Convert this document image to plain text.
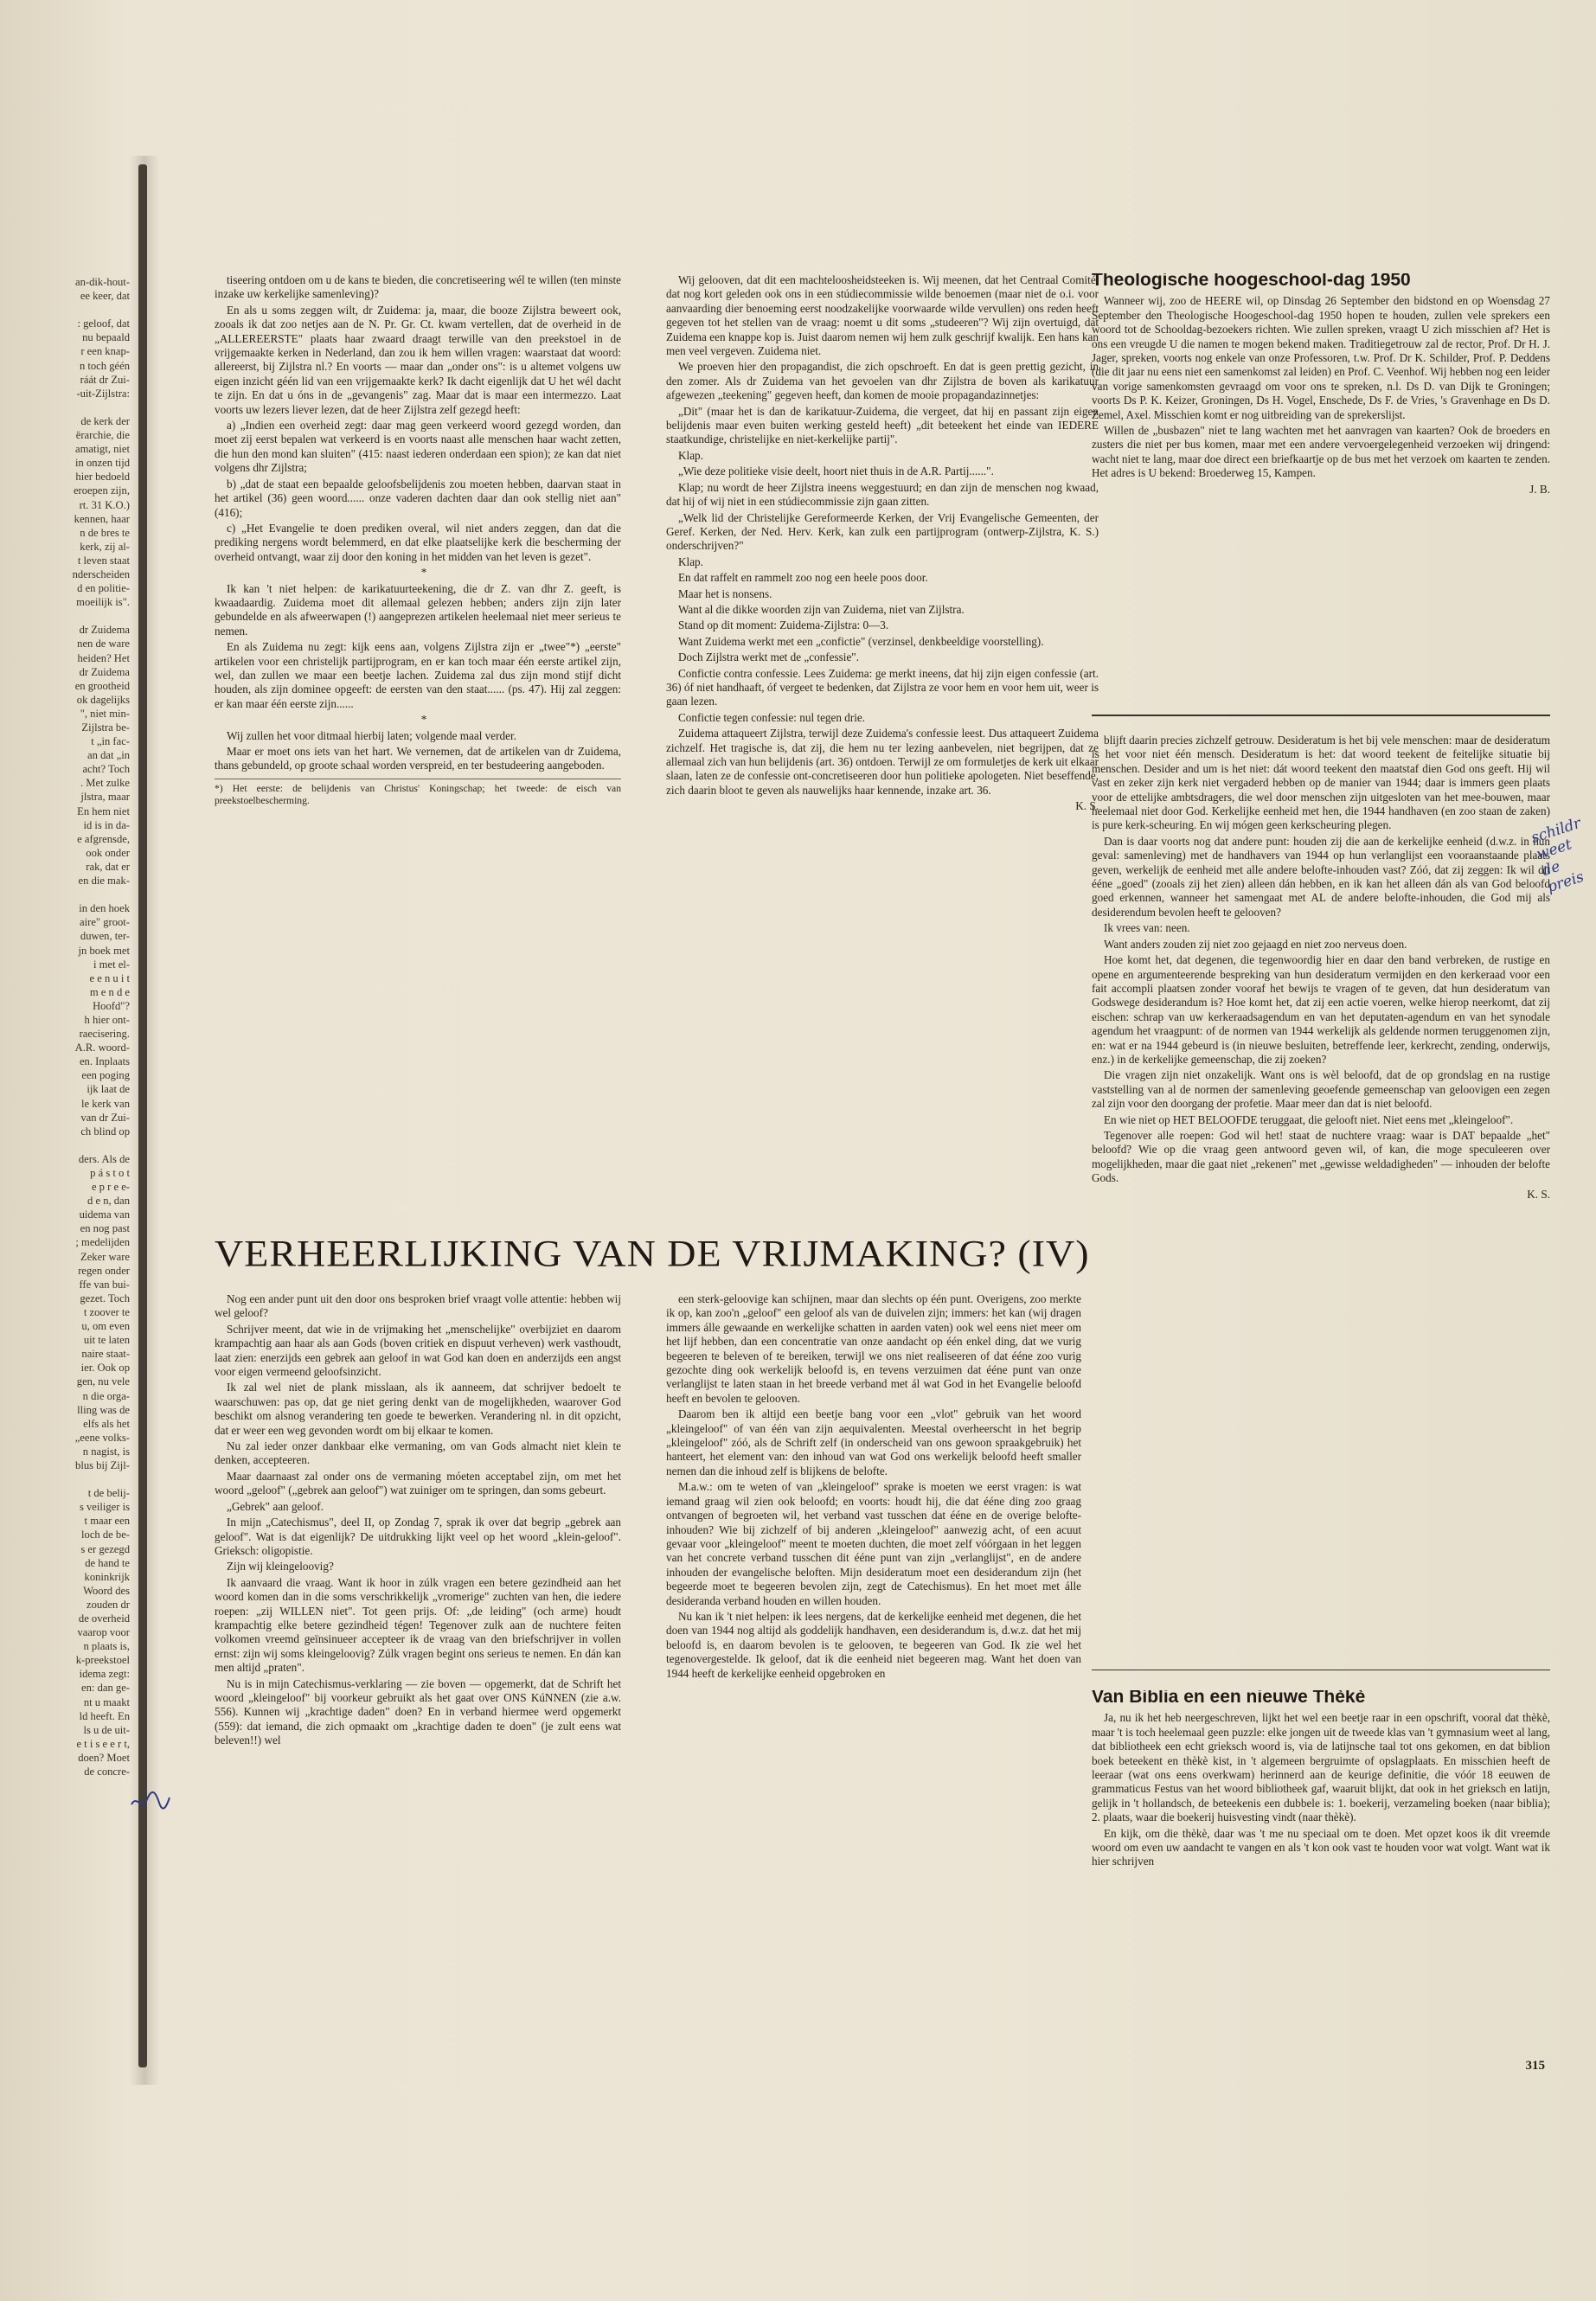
an-dik-hout-
ee keer, dat

: geloof, dat
nu bepaald
r een knap-
n toch géén
ráát dr Zui-
-uit-Zijlstra:

de kerk der
ërarchie, die
amatigt, niet
in onzen tijd
hier bedoeld
eroepen zijn,
rt. 31 K.O.)
kennen, haar
n de bres te
kerk, zij al-
t leven staat
nderscheiden
d en politie-
moeilijk is".

dr Zuidema
nen de ware
heiden? Het
dr Zuidema
en grootheid
ok dagelijks
", niet min-
Zijlstra be-
t „in fac-
an dat „in
acht? Toch
. Met zulke
jlstra, maar
En hem niet
id is in da-
e afgrensde,
ook onder
rak, dat er
en die mak-

in den hoek
aire" groot-
duwen, ter-
jn boek met
i met el-
e e n u i t
m e n d e
Hoofd"?
h hier ont-
raecisering.
A.R. woord-
en. Inplaats
een poging
ijk laat de
le kerk van
van dr Zui-
ch blind op

ders. Als de
p á s t o t
e p r e e-
d e n, dan
uidema van
en nog past
; medelijden
Zeker ware
regen onder
ffe van bui-
gezet. Toch
t zoover te
u, om even
uit te laten
naire staat-
ier. Ook op
gen, nu vele
n die orga-
lling was de
elfs als het
„eene volks-
n nagist, is
blus bij Zijl-

t de belij-
s veiliger is
t maar een
loch de be-
s er gezegd
de hand te
koninkrijk
Woord des
zouden dr
de overheid
vaarop voor
n plaats is,
k-preekstoel
idema zegt:
en: dan ge-
nt u maakt
ld heeft. En
ls u de uit-
e t i s e e r t,
doen? Moet
de concre-

tiseering ontdoen om u de kans te bieden, die concretiseering wél te willen (ten minste inzake uw kerkelijke samenleving)?

En als u soms zeggen wilt, dr Zuidema: ja, maar, die booze Zijlstra beweert ook, zooals ik dat zoo netjes aan de N. Pr. Gr. Ct. kwam vertellen, dat de overheid in de „ALLEREERSTE" plaats haar zwaard draagt terwille van den preekstoel in de vrijgemaakte kerken in Nederland, dan zou ik hem willen vragen: waarstaat dat woord: allereerst, bij Zijlstra nl.? En voorts — maar dan „onder ons": is u altemet volgens uw eigen inzicht géén lid van een vrijgemaakte kerk? Ik dacht eigenlijk dat U het wél dacht te zijn. En dat u óns in de „gevangenis" zag. Maar dat is maar een intermezzo. Laat voorts uw lezers liever lezen, dat de heer Zijlstra zelf gezegd heeft:

a) „Indien een overheid zegt: daar mag geen verkeerd woord gezegd worden, dan moet zij eerst bepalen wat verkeerd is en voorts naast alle menschen haar wacht zetten, die hun den mond kan sluiten" (415: naast iederen onderdaan een spion); ze kan dat niet volgens dhr Zijlstra;

b) „dat de staat een bepaalde geloofsbelijdenis zou moeten hebben, daarvan staat in het artikel (36) geen woord...... onze vaderen dachten daar dan ook stellig niet aan" (416);

c) „Het Evangelie te doen prediken overal, wil niet anders zeggen, dan dat die prediking nergens wordt belemmerd, en dat elke plaatselijke kerk die bescherming der overheid ontvangt, waar zij door den koning in het midden van het leven is gezet".

*

Ik kan 't niet helpen: de karikatuurteekening, die dr Z. van dhr Z. geeft, is kwaadaardig. Zuidema moet dit allemaal gelezen hebben; anders zijn zijn later gebundelde en als afweerwapen (!) aangeprezen artikelen heelemaal niet meer serieus te nemen.

En als Zuidema nu zegt: kijk eens aan, volgens Zijlstra zijn er „twee"*) „eerste" artikelen voor een christelijk partijprogram, en er kan toch maar één eerste artikel zijn, wel, dan zullen we maar een beetje lachen. Zuidema zal dus zijn mond stijf dicht houden, als zijn dominee opgeeft: de eersten van den staat...... (ps. 47). Hij zal zeggen: er kan maar één eerste zijn......

*

Wij zullen het voor ditmaal hierbij laten; volgende maal verder.

Maar er moet ons iets van het hart. We vernemen, dat de artikelen van dr Zuidema, thans gebundeld, op groote schaal worden verspreid, en ter bestudeering aangeboden.

*) Het eerste: de belijdenis van Christus' Koningschap; het tweede: de eisch van preekstoelbescherming.

Wij gelooven, dat dit een machteloosheidsteeken is. Wij meenen, dat het Centraal Comité, dat nog kort geleden ook ons in een stúdiecommissie wilde benoemen (maar niet de o.i. voor aanvaarding dier benoeming eerst noodzakelijke voorwaarde wilde vervullen) ons reden heeft gegeven tot het stellen van de vraag: noemt u dit soms „studeeren"? Wij zijn overtuigd, dat Zuidema een knappe kop is. Juist daarom nemen wij hem zulk geschrijf kwalijk. Een hans kan men veel vergeven. Zuidema niet.

We proeven hier den propagandist, die zich opschroeft. En dat is geen prettig gezicht, in den zomer. Als dr Zuidema van het gevoelen van dhr Zijlstra de boven als karikatuur afgewezen „teekening" gegeven heeft, dan komen de mooie propagandazinnetjes:

„Dit" (maar het is dan de karikatuur-Zuidema, die vergeet, dat hij en passant zijn eigen belijdenis maar even buiten werking gesteld heeft) „dit beteekent het einde van IEDERE staatkundige, christelijke en niet-kerkelijke partij".

Klap.

„Wie deze politieke visie deelt, hoort niet thuis in de A.R. Partij......".

Klap; nu wordt de heer Zijlstra ineens weggestuurd; en dan zijn de menschen nog kwaad, dat hij of wij niet in een stúdiecommissie zijn gaan zitten.

„Welk lid der Christelijke Gereformeerde Kerken, der Vrij Evangelische Gemeenten, der Geref. Kerken, der Ned. Herv. Kerk, kan zulk een partijprogram (ontwerp-Zijlstra, K. S.) onderschrijven?"

Klap.

En dat raffelt en rammelt zoo nog een heele poos door.

Maar het is nonsens.

Want al die dikke woorden zijn van Zuidema, niet van Zijlstra.

Stand op dit moment: Zuidema-Zijlstra: 0—3.

Want Zuidema werkt met een „confictie" (verzinsel, denkbeeldige voorstelling).

Doch Zijlstra werkt met de „confessie".

Confictie contra confessie. Lees Zuidema: ge merkt ineens, dat hij zijn eigen confessie (art. 36) óf niet handhaaft, óf vergeet te bedenken, dat Zijlstra ze voor hem en voor hem uit, weer is gaan lezen.

Confictie tegen confessie: nul tegen drie.

Zuidema attaqueert Zijlstra, terwijl deze Zuidema's confessie leest. Dus attaqueert Zuidema zichzelf. Het tragische is, dat zij, die hem nu ter lezing aanbevelen, niet begrijpen, dat ze allemaal zich van hun belijdenis (art. 36) ontdoen. Terwijl ze om formuletjes de kerk uit elkaar slaan, laten ze de confessie ont-concretiseeren door hun politieke apologeten. Niet beseffende, zich daarin bloot te geven als nauwelijks haar kennende, inzake art. 36.

K. S.
Theologische hoogeschool-dag 1950

Wanneer wij, zoo de HEERE wil, op Dinsdag 26 September den bidstond en op Woensdag 27 September den Theologische Hoogeschool-dag 1950 hopen te houden, zullen vele sprekers een woord tot de Schooldag-bezoekers richten. Wie zullen spreken, vraagt U zich misschien af? Het is ons een vreugde U die namen te mogen bekend maken. Traditiegetrouw zal de rector, Prof. Dr H. J. Jager, spreken, voorts nog enkele van onze Professoren, t.w. Prof. Dr K. Schilder, Prof. P. Deddens (die dit jaar nu eens niet een samenkomst zal leiden) en Prof. C. Veenhof. Wij hebben nog een leider van vorige samenkomsten gevraagd om voor ons te spreken, n.l. Ds D. van Dijk te Groningen; voorts Ds P. K. Keizer, Groningen, Ds H. Vogel, Enschede, Ds F. de Vries, 's Gravenhage en Ds D. Zemel, Axel. Misschien komt er nog uitbreiding van de sprekerslijst.

Willen de „busbazen" niet te lang wachten met het aanvragen van kaarten? Ook de broeders en zusters die niet per bus komen, maar met een andere vervoergelegenheid verzoeken wij dringend: wacht niet te lang, maar doe direct een briefkaartje op de bus met het verzoek om kaarten te zenden. Het adres is U bekend: Broederweg 15, Kampen.

J. B.

blijft daarin precies zichzelf getrouw. Desideratum is het bij vele menschen: maar de desideratum is het voor niet één mensch. Desideratum is het: dat woord teekent de feitelijke situatie bij menschen. Desider and um is het niet: dát woord teekent den maatstaf dien God ons geeft. Hij wil vast en zeker zijn kerk niet vergaderd hebben op de manier van 1944; daar is immers geen plaats voor de ettelijke ambtsdragers, die wel door menschen zijn uitgesloten van het mee-bouwen, maar heelemaal niet door God. Kerkelijke eenheid met hen, die 1944 handhaven (en zoo staan de zaken) is pure kerk-scheuring. En wij mógen geen kerkscheuring plegen.

Dan is daar voorts nog dat andere punt: houden zij die aan de kerkelijke eenheid (d.w.z. in hun geval: samenleving) met de handhavers van 1944 op hun verlanglijst een vooraanstaande plaats geven, werkelijk de eenheid met alle andere belofte-inhouden vast? Zóó, dat zij zeggen: Ik wil dit ééne „goed" (zooals zij het zien) alleen dán hebben, en ik kan het alleen dán als van God beloofd goed erkennen, wanneer het samengaat met AL de andere belofte-inhouden, die God mij als desiderendum bevolen heeft te gelooven?

Ik vrees van: neen.

Want anders zouden zij niet zoo gejaagd en niet zoo nerveus doen.

Hoe komt het, dat degenen, die tegenwoordig hier en daar den band verbreken, de rustige en opene en argumenteerende bespreking van hun desideratum vermijden en den kerkeraad voor een fait accompli plaatsen zonder vooraf het bewijs te vragen of te geven, dat hun desideratum van Godswege desiderandum is? Hoe komt het, dat zij een actie voeren, welke hierop neerkomt, dat zij eischen: schrap van uw kerkeraadsagendum en van het deputaten-agendum en van het synodale agendum het vraagpunt: of de normen van 1944 werkelijk als geldende normen teruggenomen zijn, en: wat er na 1944 gebeurd is (in nieuwe besluiten, betreffende leer, kerkrecht, zending, onderwijs, enz.) in de kerkelijke gemeenschap, die zij zoeken?

Die vragen zijn niet onzakelijk. Want ons is wèl beloofd, dat de op grondslag en na rustige vaststelling van al de normen der samenleving geoefende gemeenschap van geloovigen een zegen zal zijn voor den doorgang der profetie. Maar meer dan dat is niet beloofd.

En wie niet op HET BELOOFDE teruggaat, die gelooft niet. Niet eens met „kleingeloof".

Tegenover alle roepen: God wil het! staat de nuchtere vraag: waar is DAT bepaalde „het" beloofd? Wie op die vraag geen antwoord geven wil, of kan, die moge speculeeren over mogelijkheden, maar die gaat niet „rekenen" met „gewisse weldadigheden" — inhouden der belofte Gods.

K. S.
VERHEERLIJKING VAN DE VRIJMAKING? (IV)

Nog een ander punt uit den door ons besproken brief vraagt volle attentie: hebben wij wel geloof?

Schrijver meent, dat wie in de vrijmaking het „menschelijke" overbijziet en daarom krampachtig aan haar als aan Gods (boven critiek en dispuut verheven) werk vasthoudt, laat zien: enerzijds een gebrek aan geloof in wat God kan doen en anderzijds een angst voor eigen vermeend geloofsinzicht.

Ik zal wel niet de plank misslaan, als ik aanneem, dat schrijver bedoelt te waarschuwen: pas op, dat ge niet gering denkt van de mogelijkheden, waarover God beschikt om alsnog verandering ten goede te bewerken. Verandering nl. in dit opzicht, dat er weer een weg gevonden wordt om bij elkaar te komen.

Nu zal ieder onzer dankbaar elke vermaning, om van Gods almacht niet klein te denken, accepteeren.

Maar daarnaast zal onder ons de vermaning móeten acceptabel zijn, om met het woord „geloof" („gebrek aan geloof") wat zuiniger om te springen, dan soms gebeurt.

„Gebrek" aan geloof.

In mijn „Catechismus", deel II, op Zondag 7, sprak ik over dat begrip „gebrek aan geloof". Wat is dat eigenlijk? De uitdrukking lijkt veel op het woord „klein-geloof". Grieksch: oligopistie.

Zijn wij kleingeloovig?

Ik aanvaard die vraag. Want ik hoor in zúlk vragen een betere gezindheid aan het woord komen dan in die soms verschrikkelijk „vromerige" zuchten van hen, die iedere roepen: „zij WILLEN niet". Tot geen prijs. Of: „de leiding" (och arme) houdt krampachtig elke betere gezindheid tégen! Tegenover zulk aan de nuchtere feiten volkomen vreemd geïnsinueer accepteer ik de vraag van den briefschrijver in vollen ernst: zijn wij soms kleingeloovig? Zúlk vragen begint ons serieus te nemen. En dán kan men altijd „praten".

Nu is in mijn Catechismus-verklaring — zie boven — opgemerkt, dat de Schrift het woord „kleingeloof" bij voorkeur gebruikt als het gaat over ONS KúNNEN (zie a.w. 556). Kunnen wij „krachtige daden" doen? En in verband hiermee werd opgemerkt (559): dat iemand, die zich opmaakt om „krachtige daden te doen" (je zult eens wat beleven!!) wel

een sterk-geloovige kan schijnen, maar dan slechts op één punt. Overigens, zoo merkte ik op, kan zoo'n „geloof" een geloof als van de duivelen zijn; immers: het kan (wij dragen immers álle gewaande en werkelijke schatten in aarden vaten) ook wel eens niet meer om het lijf hebben, dan een concentratie van onze aandacht op één enkel ding, dat we vurig begeeren te beleven of te bereiken, terwijl we ons niet realiseeren of dat ééne zoo vurig gezochte ding ook werkelijk beloofd is, en tevens verzuimen dat ééne punt van onze verlanglijst te laten staan in het breede verband met ál wat God in het Evangelie beloofd heeft en bevolen te gelooven.

Daarom ben ik altijd een beetje bang voor een „vlot" gebruik van het woord „kleingeloof" of van één van zijn aequivalenten. Meestal overheerscht in het begrip „kleingeloof" zóó, als de Schrift zelf (in onderscheid van ons gewoon spraakgebruik) het hanteert, het element van: den inhoud van wat God ons werkelijk beloofd heeft smaller nemen dan die inhoud zelf is blijkens de belofte.

M.a.w.: om te weten of van „kleingeloof" sprake is moeten we eerst vragen: is wat iemand graag wil zien ook beloofd; en voorts: houdt hij, die dat ééne ding zoo graag ontvangen of begroeten wil, het verband vast tusschen dat ééne en de overige belofte-inhouden? Wie bij zichzelf of bij anderen „kleingeloof" aanwezig acht, of een acuut gevaar voor „kleingeloof" meent te moeten duchten, die moet zelf vóórgaan in het leggen van het concrete verband tusschen dit ééne punt van zijn „verlanglijst", en de andere inhouden der evangelische beloften. Mijn desideratum moet een desiderandum zijn (het begeerde moet te begeeren bevolen zijn, zegt de Catechismus). En het moet met álle desideranda verband houden en willen houden.

Nu kan ik 't niet helpen: ik lees nergens, dat de kerkelijke eenheid met degenen, die het doen van 1944 nog altijd als goddelijk handhaven, een desiderandum is, d.w.z. dat het mij beloofd is, en daarom bevolen is te gelooven, te begeeren van God. Ik zie wel het tegenovergestelde. Ik geloof, dat ik die eenheid niet begeeren mag. Want het doen van 1944 heeft de kerkelijke eenheid opgebroken en

Van Biblia en een nieuwe Thèkè

Ja, nu ik het heb neergeschreven, lijkt het wel een beetje raar in een opschrift, vooral dat thèkè, maar 't is toch heelemaal geen puzzle: elke jongen uit de tweede klas van 't gymnasium weet al lang, dat bibliotheek een echt grieksch woord is, via de latijnsche taal tot ons gekomen, en dat biblion boek beteekent en thèkè kist, in 't algemeen bergruimte of opslagplaats. En misschien heeft de leeraar (wat ons eens overkwam) herinnerd aan de keurige definitie, die vóór 18 eeuwen de grammaticus Festus van het woord bibliotheek gaf, waaruit blijkt, dat ook in het grieksch en latijn, gelijk in 't hollandsch, de beteekenis een dubbele is: 1. boekerij, verzameling boeken (naar biblia); 2. plaats, waar die boekerij huisvesting vindt (naar thèkè).

En kijk, om die thèkè, daar was 't me nu speciaal om te doen. Met opzet koos ik dit vreemde woord om even uw aandacht te vangen en als 't kon ook vast te houden voor wat volgt. Want wat ik hier schrijven

315
schildr weet de preis
